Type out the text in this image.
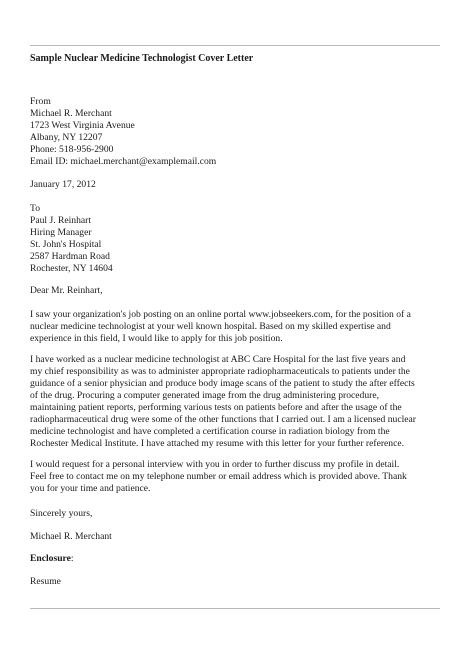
Sample Nuclear Medicine Technologist Cover Letter
From
Michael R. Merchant
1723 West Virginia Avenue
Albany, NY 12207
Phone: 518-956-2900
Email ID: michael.merchant@examplemail.com
January 17, 2012
To
Paul J. Reinhart
Hiring Manager
St. John's Hospital
2587 Hardman Road
Rochester, NY 14604
Dear Mr. Reinhart,
I saw your organization's job posting on an online portal www.jobseekers.com, for the position of a
nuclear medicine technologist at your well known hospital. Based on my skilled expertise and
experience in this field, I would like to apply for this job position.
I have worked as a nuclear medicine technologist at ABC Care Hospital for the last five years and
my chief responsibility as was to administer appropriate radiopharmaceuticals to patients under the
guidance of a senior physician and produce body image scans of the patient to study the after effects
of the drug. Procuring a computer generated image from the drug administering procedure,
maintaining patient reports, performing various tests on patients before and after the usage of the
radiopharmaceutical drug were some of the other functions that I carried out. I am a licensed nuclear
medicine technologist and have completed a certification course in radiation biology from the
Rochester Medical Institute. I have attached my resume with this letter for your further reference.
I would request for a personal interview with you in order to further discuss my profile in detail.
Feel free to contact me on my telephone number or email address which is provided above. Thank
you for your time and patience.
Sincerely yours,
Michael R. Merchant
Enclosure:
Resume
